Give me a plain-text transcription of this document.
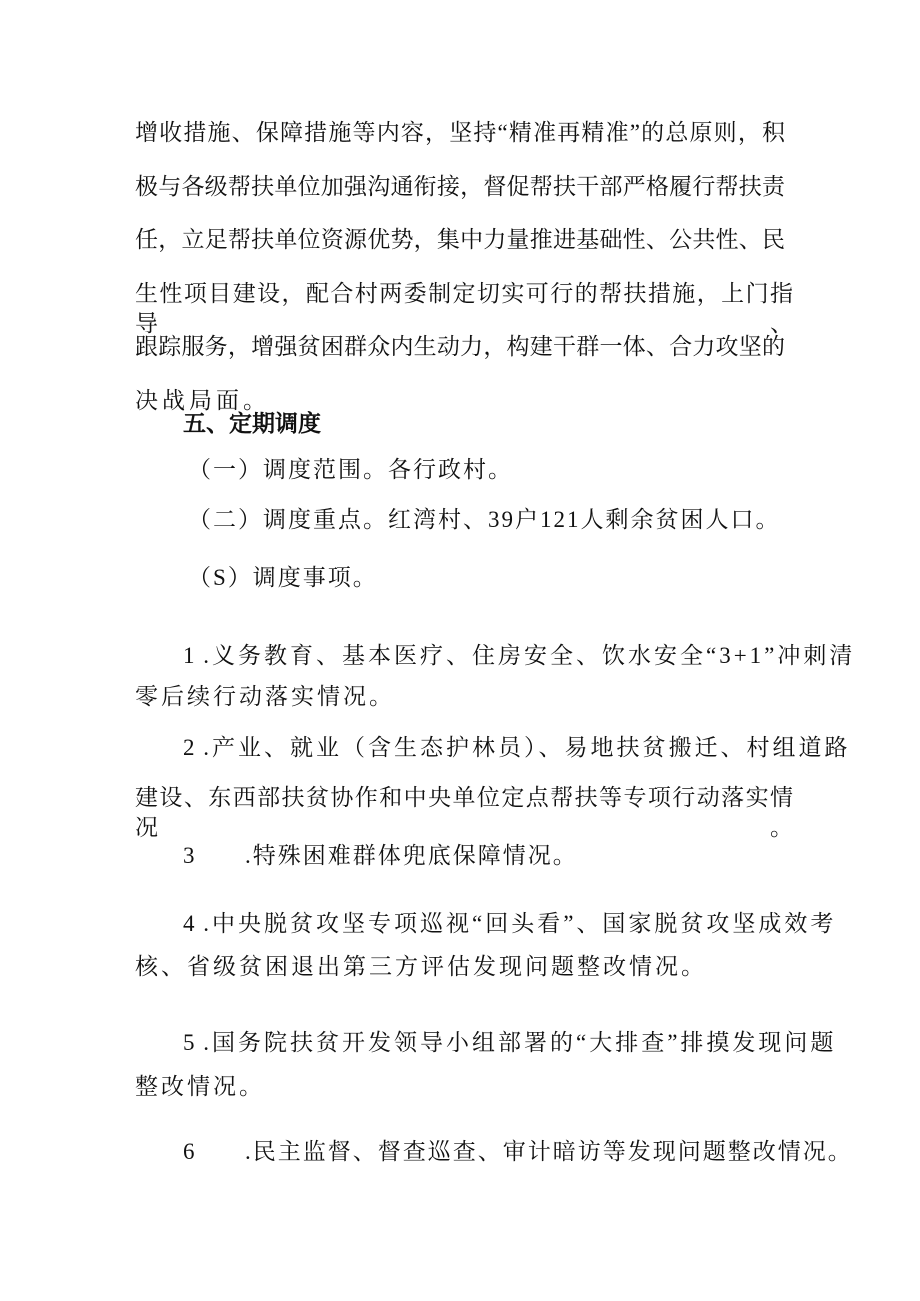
增收措施、保障措施等内容，坚持“精准再精准”的总原则，积
极与各级帮扶单位加强沟通衔接，督促帮扶干部严格履行帮扶责
任，立足帮扶单位资源优势，集中力量推进基础性、公共性、民
生性项目建设，配合村两委制定切实可行的帮扶措施，上门指导、
跟踪服务，增强贫困群众内生动力，构建干群一体、合力攻坚的
决战局面。
五、定期调度
（一）调度范围。各行政村。
（二）调度重点。红湾村、39户121人剩余贫困人口。
（S）调度事项。
1 .义务教育、基本医疗、住房安全、饮水安全“3+1”冲刺清
零后续行动落实情况。
2 .产业、就业（含生态护林员）、易地扶贫搬迁、村组道路
建设、东西部扶贫协作和中央单位定点帮扶等专项行动落实情况。
3 .特殊困难群体兜底保障情况。
4 .中央脱贫攻坚专项巡视“回头看”、国家脱贫攻坚成效考
核、省级贫困退出第三方评估发现问题整改情况。
5 .国务院扶贫开发领导小组部署的“大排查”排摸发现问题
整改情况。
6 .民主监督、督查巡查、审计暗访等发现问题整改情况。
